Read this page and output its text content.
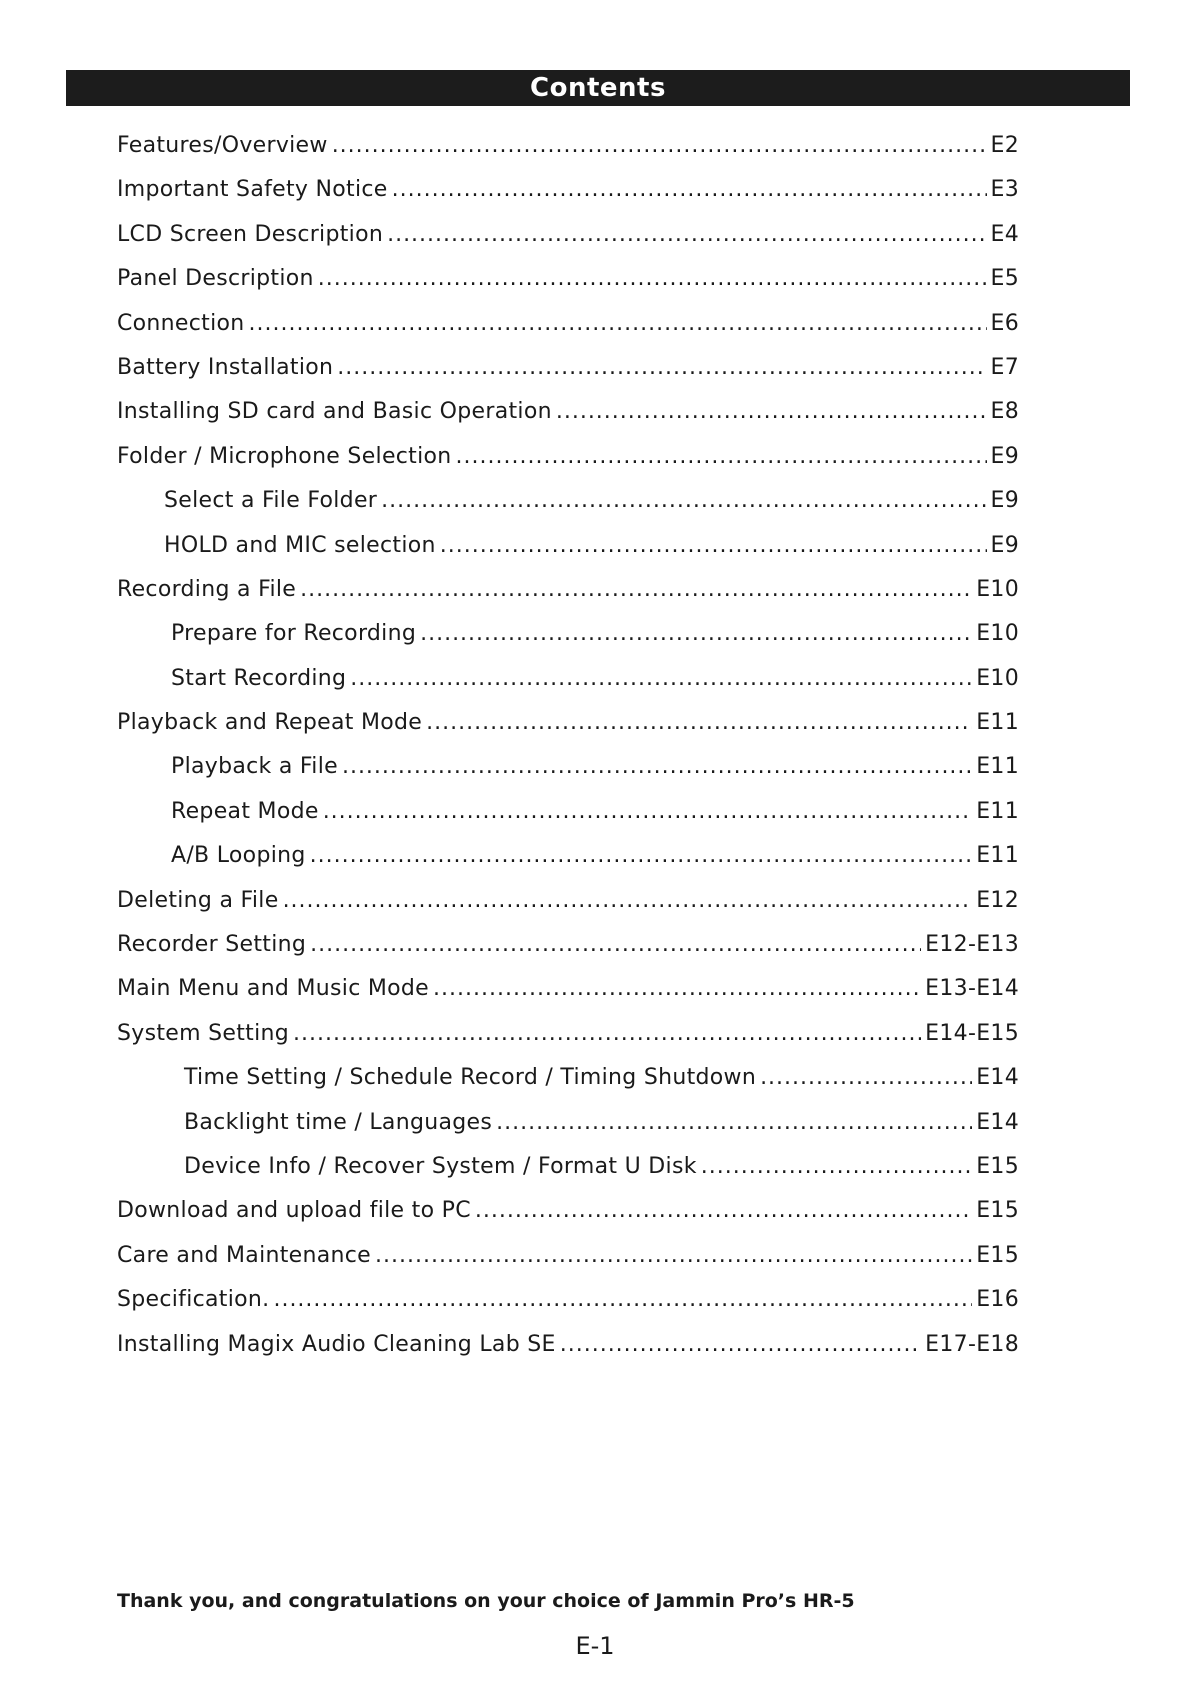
Contents
Features/Overview .....	E2
Important Safety Notice .....	E3
LCD Screen Description .....	E4
Panel Description .....	E5
Connection .....	E6
Battery Installation .....	E7
Installing SD card and Basic Operation .....	E8
Folder / Microphone Selection .....	E9
Select a File Folder .....	E9
HOLD and MIC selection .....	E9
Recording a File .....	E10
Prepare for Recording .....	E10
Start Recording .....	E10
Playback and Repeat Mode .....	E11
Playback a File .....	E11
Repeat Mode .....	E11
A/B Looping .....	E11
Deleting a File .....	E12
Recorder Setting .....	E12-E13
Main Menu and Music Mode .....	E13-E14
System Setting .....	E14-E15
Time Setting / Schedule Record / Timing Shutdown .....	E14
Backlight time / Languages .....	E14
Device Info / Recover System / Format U Disk .....	E15
Download and upload file to PC .....	E15
Care and Maintenance .....	E15
Specification. .....	E16
Installing Magix Audio Cleaning Lab SE .....	E17-E18
Thank you, and congratulations on your choice of Jammin Pro’s HR-5
E-1
